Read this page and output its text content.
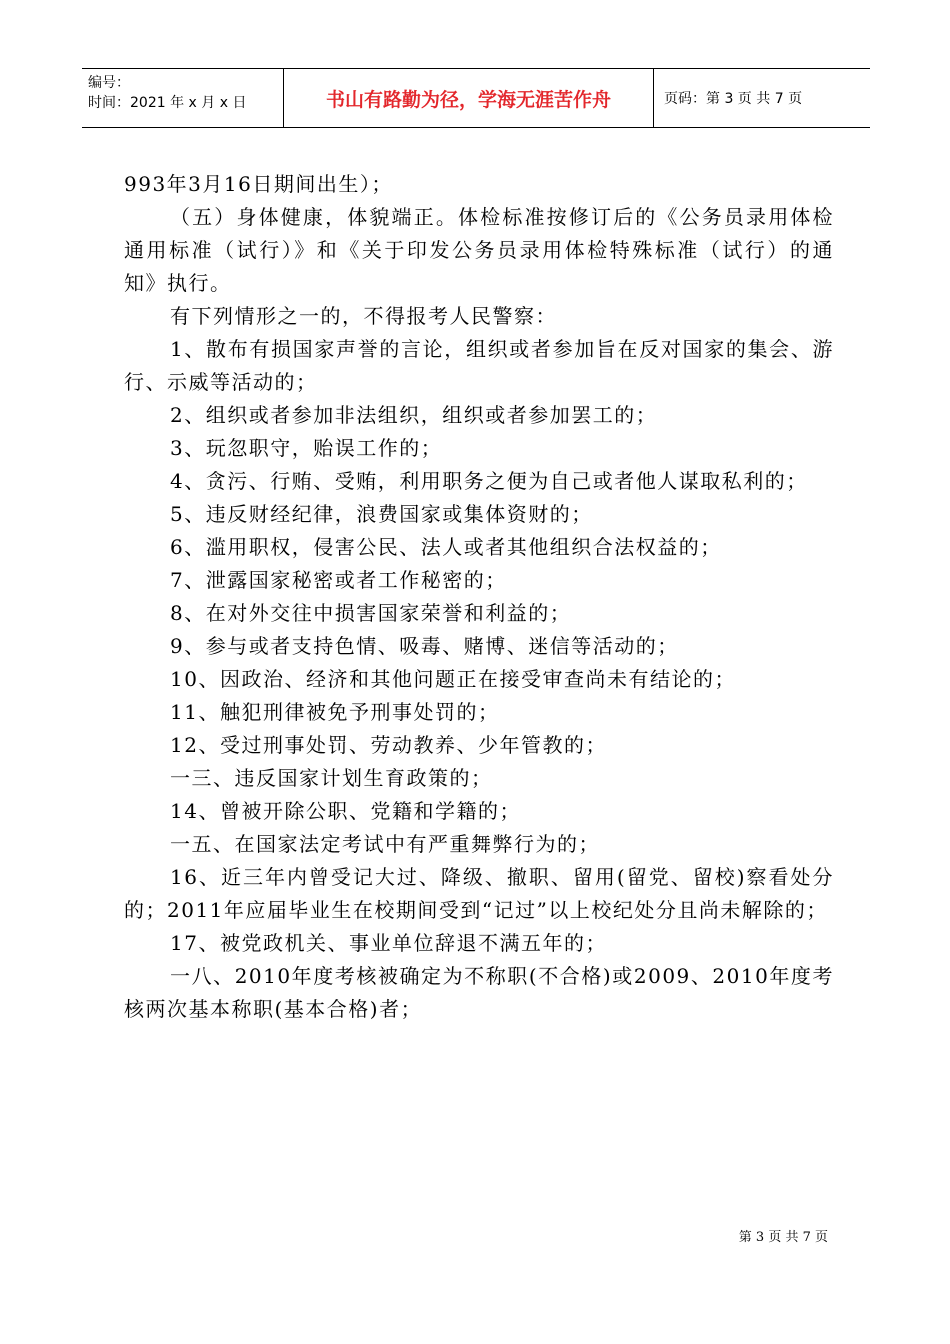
编号：
时间：2021 年 x 月 x 日	书山有路勤为径，学海无涯苦作舟	页码：第 3 页 共 7 页

993年3月16日期间出生）；

（五）身体健康，体貌端正。体检标准按修订后的《公务员录用体检通用标准（试行）》和《关于印发公务员录用体检特殊标准（试行）的通知》执行。

有下列情形之一的，不得报考人民警察：

1、散布有损国家声誉的言论，组织或者参加旨在反对国家的集会、游行、示威等活动的；

2、组织或者参加非法组织，组织或者参加罢工的；

3、玩忽职守，贻误工作的；

4、贪污、行贿、受贿，利用职务之便为自己或者他人谋取私利的；

5、违反财经纪律，浪费国家或集体资财的；

6、滥用职权，侵害公民、法人或者其他组织合法权益的；

7、泄露国家秘密或者工作秘密的；

8、在对外交往中损害国家荣誉和利益的；

9、参与或者支持色情、吸毒、赌博、迷信等活动的；

10、因政治、经济和其他问题正在接受审查尚未有结论的；

11、触犯刑律被免予刑事处罚的；

12、受过刑事处罚、劳动教养、少年管教的；

一三、违反国家计划生育政策的；

14、曾被开除公职、党籍和学籍的；

一五、在国家法定考试中有严重舞弊行为的；

16、近三年内曾受记大过、降级、撤职、留用(留党、留校)察看处分的；2011年应届毕业生在校期间受到“记过”以上校纪处分且尚未解除的；

17、被党政机关、事业单位辞退不满五年的；

一八、2010年度考核被确定为不称职(不合格)或2009、2010年度考核两次基本称职(基本合格)者；

第 3 页 共 7 页
